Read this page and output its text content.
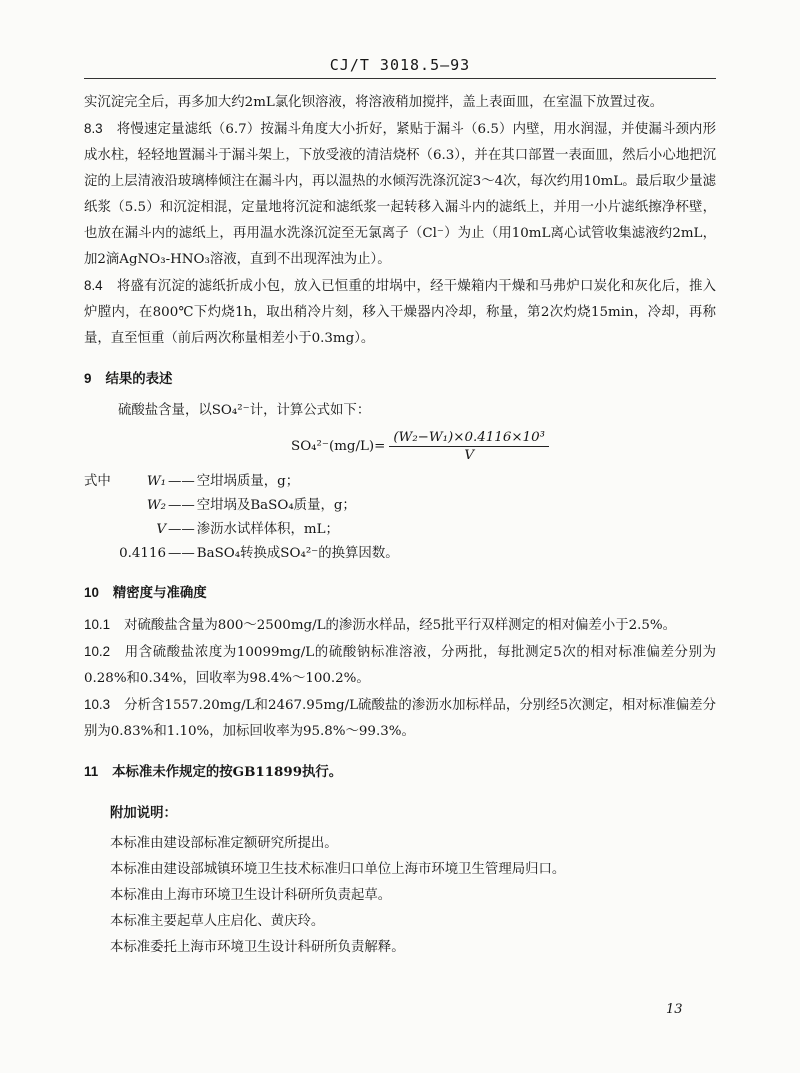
CJ/T 3018.5—93

实沉淀完全后，再多加大约2mL氯化钡溶液，将溶液稍加搅拌，盖上表面皿，在室温下放置过夜。

8.3 将慢速定量滤纸（6.7）按漏斗角度大小折好，紧贴于漏斗（6.5）内壁，用水润湿，并使漏斗颈内形成水柱，轻轻地置漏斗于漏斗架上，下放受液的清洁烧杯（6.3），并在其口部置一表面皿，然后小心地把沉淀的上层清液沿玻璃棒倾注在漏斗内，再以温热的水倾泻洗涤沉淀3～4次，每次约用10mL。最后取少量滤纸浆（5.5）和沉淀相混，定量地将沉淀和滤纸浆一起转移入漏斗内的滤纸上，并用一小片滤纸擦净杯壁，也放在漏斗内的滤纸上，再用温水洗涤沉淀至无氯离子（Cl⁻）为止（用10mL离心试管收集滤液约2mL，加2滴AgNO₃-HNO₃溶液，直到不出现浑浊为止）。

8.4 将盛有沉淀的滤纸折成小包，放入已恒重的坩埚中，经干燥箱内干燥和马弗炉口炭化和灰化后，推入炉膛内，在800℃下灼烧1h，取出稍冷片刻，移入干燥器内冷却，称量，第2次灼烧15min，冷却，再称量，直至恒重（前后两次称量相差小于0.3mg）。

9 结果的表述
硫酸盐含量，以SO₄²⁻计，计算公式如下：
$SO_4^{2-}(mg/L)= \frac{\text{(W₂−W₁)×0.4116×10³}}{V}$
式中	W₁ —— 空坩埚质量，g；
W₂ —— 空坩埚及BaSO₄质量，g；
V —— 渗沥水试样体积，mL；
0.4116 —— BaSO₄转换成SO₄²⁻的换算因数。
10 精密度与准确度

10.1 对硫酸盐含量为800～2500mg/L的渗沥水样品，经5批平行双样测定的相对偏差小于2.5%。

10.2 用含硫酸盐浓度为10099mg/L的硫酸钠标准溶液，分两批，每批测定5次的相对标准偏差分别为0.28%和0.34%，回收率为98.4%～100.2%。

10.3 分析含1557.20mg/L和2467.95mg/L硫酸盐的渗沥水加标样品，分别经5次测定，相对标准偏差分别为0.83%和1.10%，加标回收率为95.8%～99.3%。

11 本标准未作规定的按GB11899执行。
附加说明：
本标准由建设部标准定额研究所提出。
本标准由建设部城镇环境卫生技术标准归口单位上海市环境卫生管理局归口。
本标准由上海市环境卫生设计科研所负责起草。
本标准主要起草人庄启化、黄庆玲。
本标准委托上海市环境卫生设计科研所负责解释。
13
